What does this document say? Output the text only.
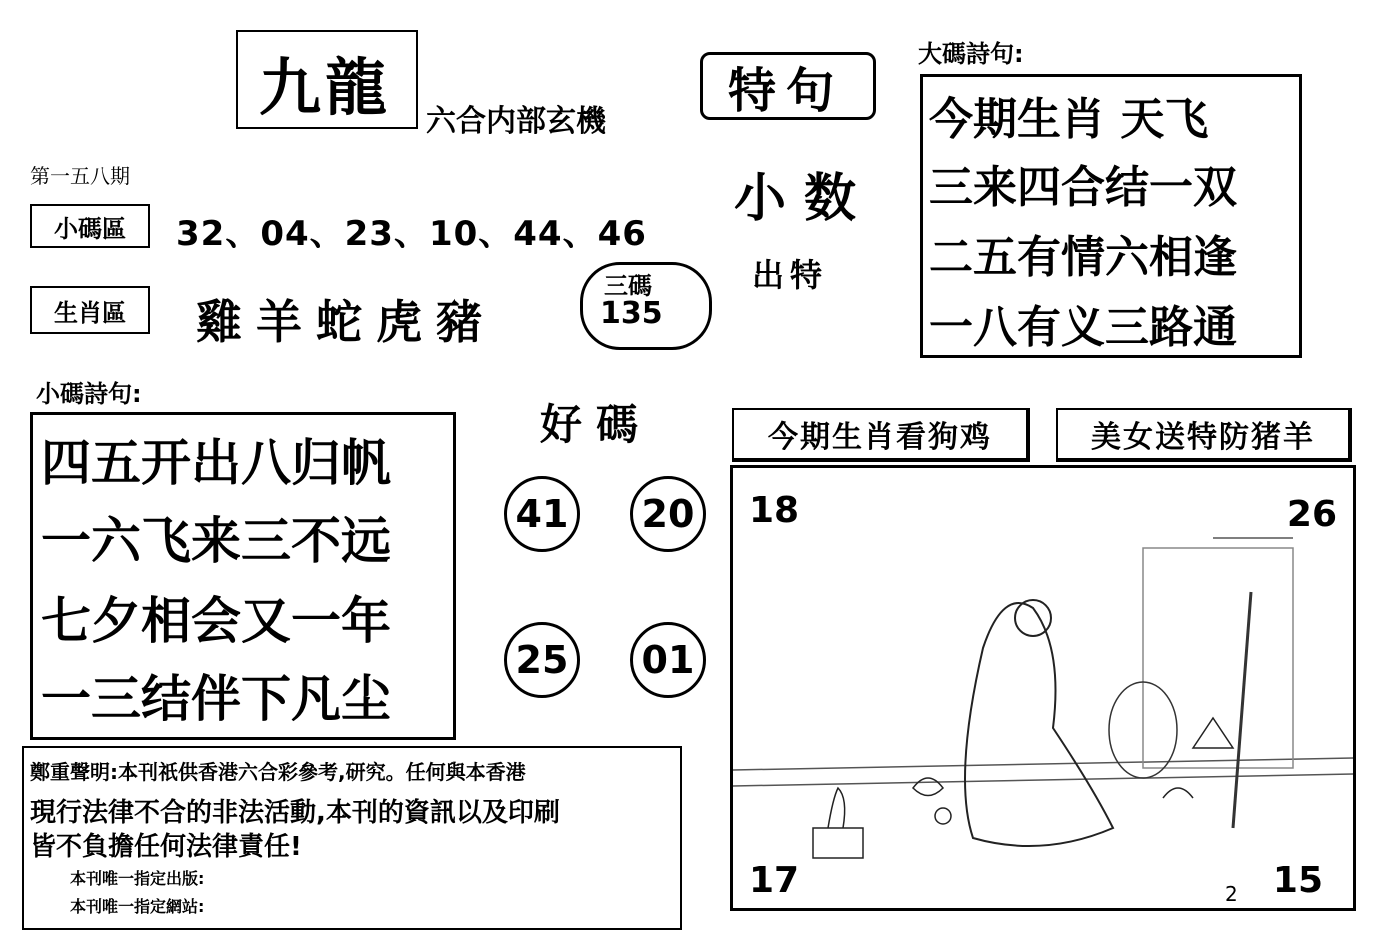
九龍	六合内部玄機
第一五八期
小碼區	32、04、23、10、44、46
生肖區	雞羊蛇虎豬
三碼
135
小碼詩句:
四五开出八归帆
一六飞来三不远
七夕相会又一年
一三结伴下凡尘
特句
小数
出特
大碼詩句:
今期生肖 天飞
三来四合结一双
二五有情六相逢
一八有义三路通
好碼
41	20
25	01
今期生肖看狗鸡	美女送特防猪羊
18	26
17	15
2
鄭重聲明:本刊祇供香港六合彩參考,研究。任何與本香港
現行法律不合的非法活動,本刊的資訊以及印刷
皆不負擔任何法律責任!
本刊唯一指定出版:
本刊唯一指定網站:
